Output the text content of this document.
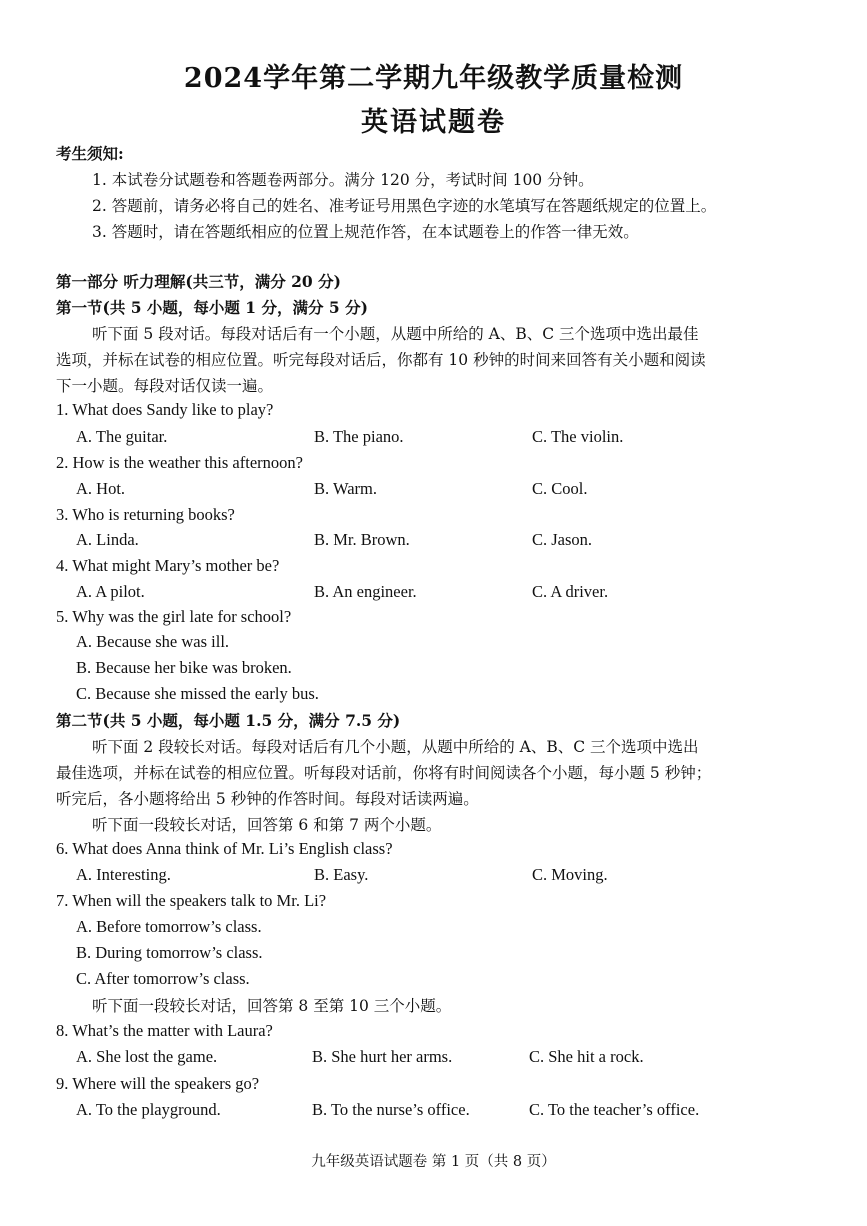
2024学年第二学期九年级教学质量检测
英语试题卷
考生须知:
1. 本试卷分试题卷和答题卷两部分。满分 120 分，考试时间 100 分钟。
2. 答题前，请务必将自己的姓名、准考证号用黑色字迹的水笔填写在答题纸规定的位置上。
3. 答题时，请在答题纸相应的位置上规范作答，在本试题卷上的作答一律无效。
第一部分 听力理解(共三节，满分 20 分)
第一节(共 5 小题，每小题 1 分，满分 5 分)
听下面 5 段对话。每段对话后有一个小题，从题中所给的 A、B、C 三个选项中选出最佳
选项，并标在试卷的相应位置。听完每段对话后，你都有 10 秒钟的时间来回答有关小题和阅读
下一小题。每段对话仅读一遍。
1. What does Sandy like to play?
A. The guitar.	B. The piano.	C. The violin.
2. How is the weather this afternoon?
A. Hot.	B. Warm.	C. Cool.
3. Who is returning books?
A. Linda.	B. Mr. Brown.	C. Jason.
4. What might Mary’s mother be?
A. A pilot.	B. An engineer.	C. A driver.
5. Why was the girl late for school?
A. Because she was ill.
B. Because her bike was broken.
C. Because she missed the early bus.
第二节(共 5 小题，每小题 1.5 分，满分 7.5 分)
听下面 2 段较长对话。每段对话后有几个小题，从题中所给的 A、B、C 三个选项中选出
最佳选项，并标在试卷的相应位置。听每段对话前，你将有时间阅读各个小题，每小题 5 秒钟；
听完后，各小题将给出 5 秒钟的作答时间。每段对话读两遍。
听下面一段较长对话，回答第 6 和第 7 两个小题。
6. What does Anna think of Mr. Li’s English class?
A. Interesting.	B. Easy.	C. Moving.
7. When will the speakers talk to Mr. Li?
A. Before tomorrow’s class.
B. During tomorrow’s class.
C. After tomorrow’s class.
听下面一段较长对话，回答第 8 至第 10 三个小题。
8. What’s the matter with Laura?
A. She lost the game.	B. She hurt her arms.	C. She hit a rock.
9. Where will the speakers go?
A. To the playground.	B. To the nurse’s office.	C. To the teacher’s office.
九年级英语试题卷 第 1 页（共 8 页）
